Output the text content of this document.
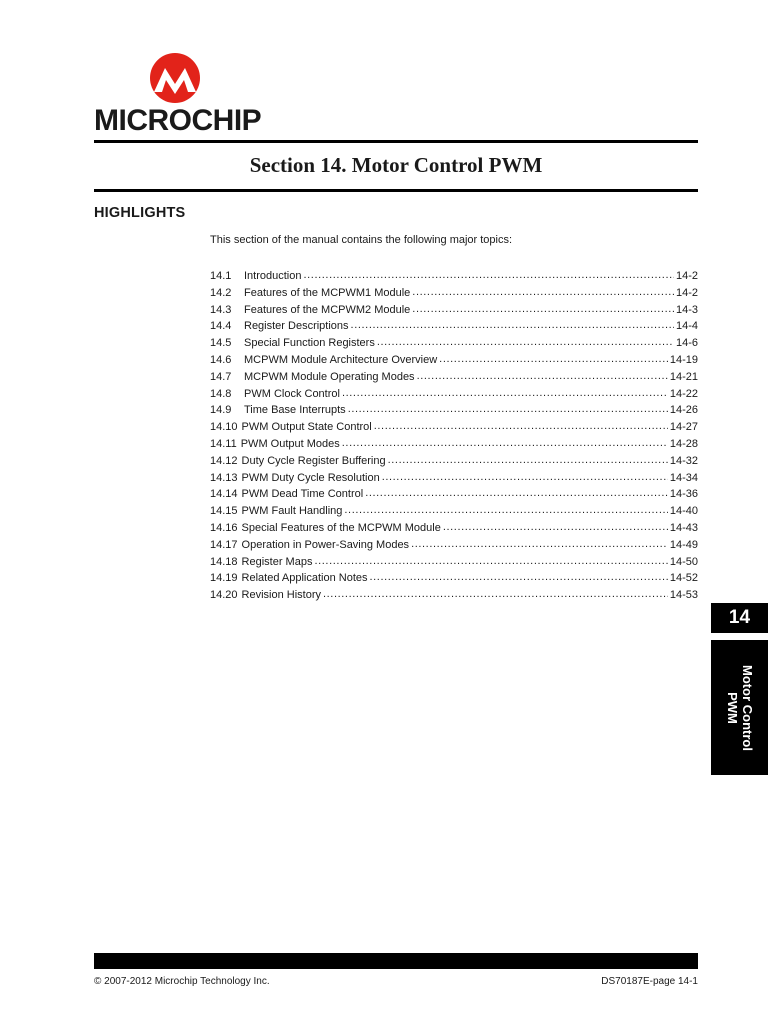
MICROCHIP
Section 14. Motor Control PWM
HIGHLIGHTS
This section of the manual contains the following major topics:
14.1	Introduction .....	14-2
14.2	Features of the MCPWM1 Module .....	14-2
14.3	Features of the MCPWM2 Module .....	14-3
14.4	Register Descriptions .....	14-4
14.5	Special Function Registers .....	14-6
14.6	MCPWM Module Architecture Overview .....	14-19
14.7	MCPWM Module Operating Modes .....	14-21
14.8	PWM Clock Control .....	14-22
14.9	Time Base Interrupts .....	14-26
14.10 PWM Output State Control .....	14-27
14.11 PWM Output Modes .....	14-28
14.12 Duty Cycle Register Buffering .....	14-32
14.13 PWM Duty Cycle Resolution .....	14-34
14.14 PWM Dead Time Control .....	14-36
14.15 PWM Fault Handling .....	14-40
14.16 Special Features of the MCPWM Module .....	14-43
14.17 Operation in Power-Saving Modes .....	14-49
14.18 Register Maps .....	14-50
14.19 Related Application Notes .....	14-52
14.20 Revision History .....	14-53
14
Motor Control
PWM
© 2007-2012 Microchip Technology Inc.	DS70187E-page 14-1
